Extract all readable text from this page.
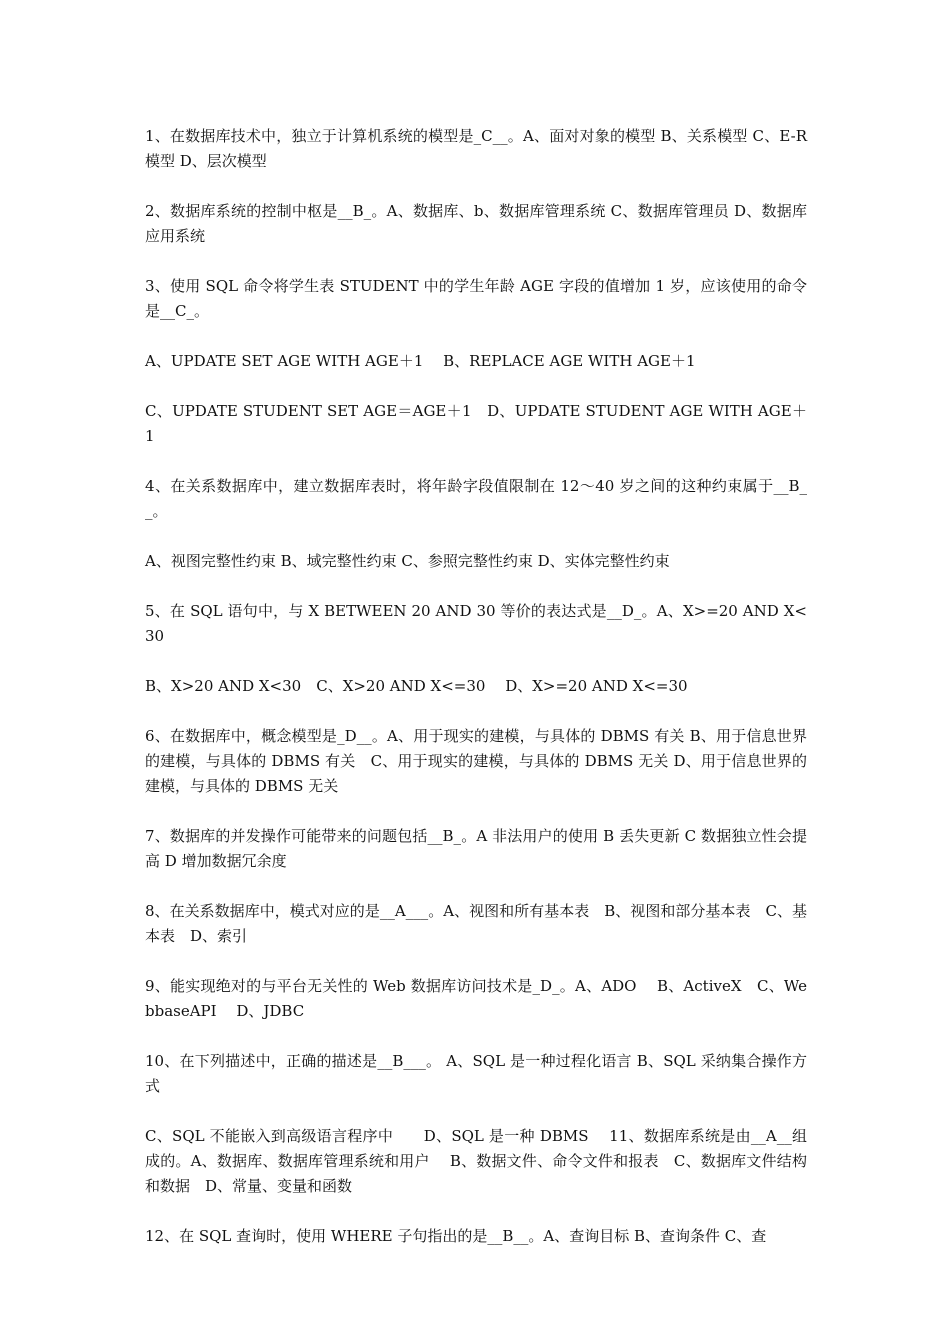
1、在数据库技术中，独立于计算机系统的模型是_C__。A、面对对象的模型 B、关系模型 C、E-R 模型 D、层次模型

2、数据库系统的控制中枢是__B_。A、数据库、b、数据库管理系统 C、数据库管理员 D、数据库应用系统

3、使用 SQL 命令将学生表 STUDENT 中的学生年龄 AGE 字段的值增加 1 岁，应该使用的命令是__C_。

A、UPDATE SET AGE WITH AGE＋1　 B、REPLACE AGE WITH AGE＋1

C、UPDATE STUDENT SET AGE＝AGE＋1　D、UPDATE STUDENT AGE WITH AGE＋1

4、在关系数据库中，建立数据库表时，将年龄字段值限制在 12～40 岁之间的这种约束属于__B__。

A、视图完整性约束 B、域完整性约束 C、参照完整性约束 D、实体完整性约束

5、在 SQL 语句中，与 X BETWEEN 20 AND 30 等价的表达式是__D_。A、X>=20 AND X<30

B、X>20 AND X<30　C、X>20 AND X<=30　 D、X>=20 AND X<=30

6、在数据库中，概念模型是_D__。A、用于现实的建模，与具体的 DBMS 有关 B、用于信息世界的建模，与具体的 DBMS 有关　C、用于现实的建模，与具体的 DBMS 无关 D、用于信息世界的建模，与具体的 DBMS 无关

7、数据库的并发操作可能带来的问题包括__B_。A 非法用户的使用 B 丢失更新 C 数据独立性会提高 D 增加数据冗余度

8、在关系数据库中，模式对应的是__A___。A、视图和所有基本表　B、视图和部分基本表　C、基本表　D、索引

9、能实现绝对的与平台无关性的 Web 数据库访问技术是_D_。A、ADO　 B、ActiveX　C、WebbaseAPI　 D、JDBC

10、在下列描述中，正确的描述是__B___。 A、SQL 是一种过程化语言 B、SQL 采纳集合操作方式

C、SQL 不能嵌入到高级语言程序中　　D、SQL 是一种 DBMS　 11、数据库系统是由__A__组成的。A、数据库、数据库管理系统和用户　 B、数据文件、命令文件和报表　C、数据库文件结构和数据　D、常量、变量和函数

12、在 SQL 查询时，使用 WHERE 子句指出的是__B__。A、查询目标 B、查询条件 C、查
